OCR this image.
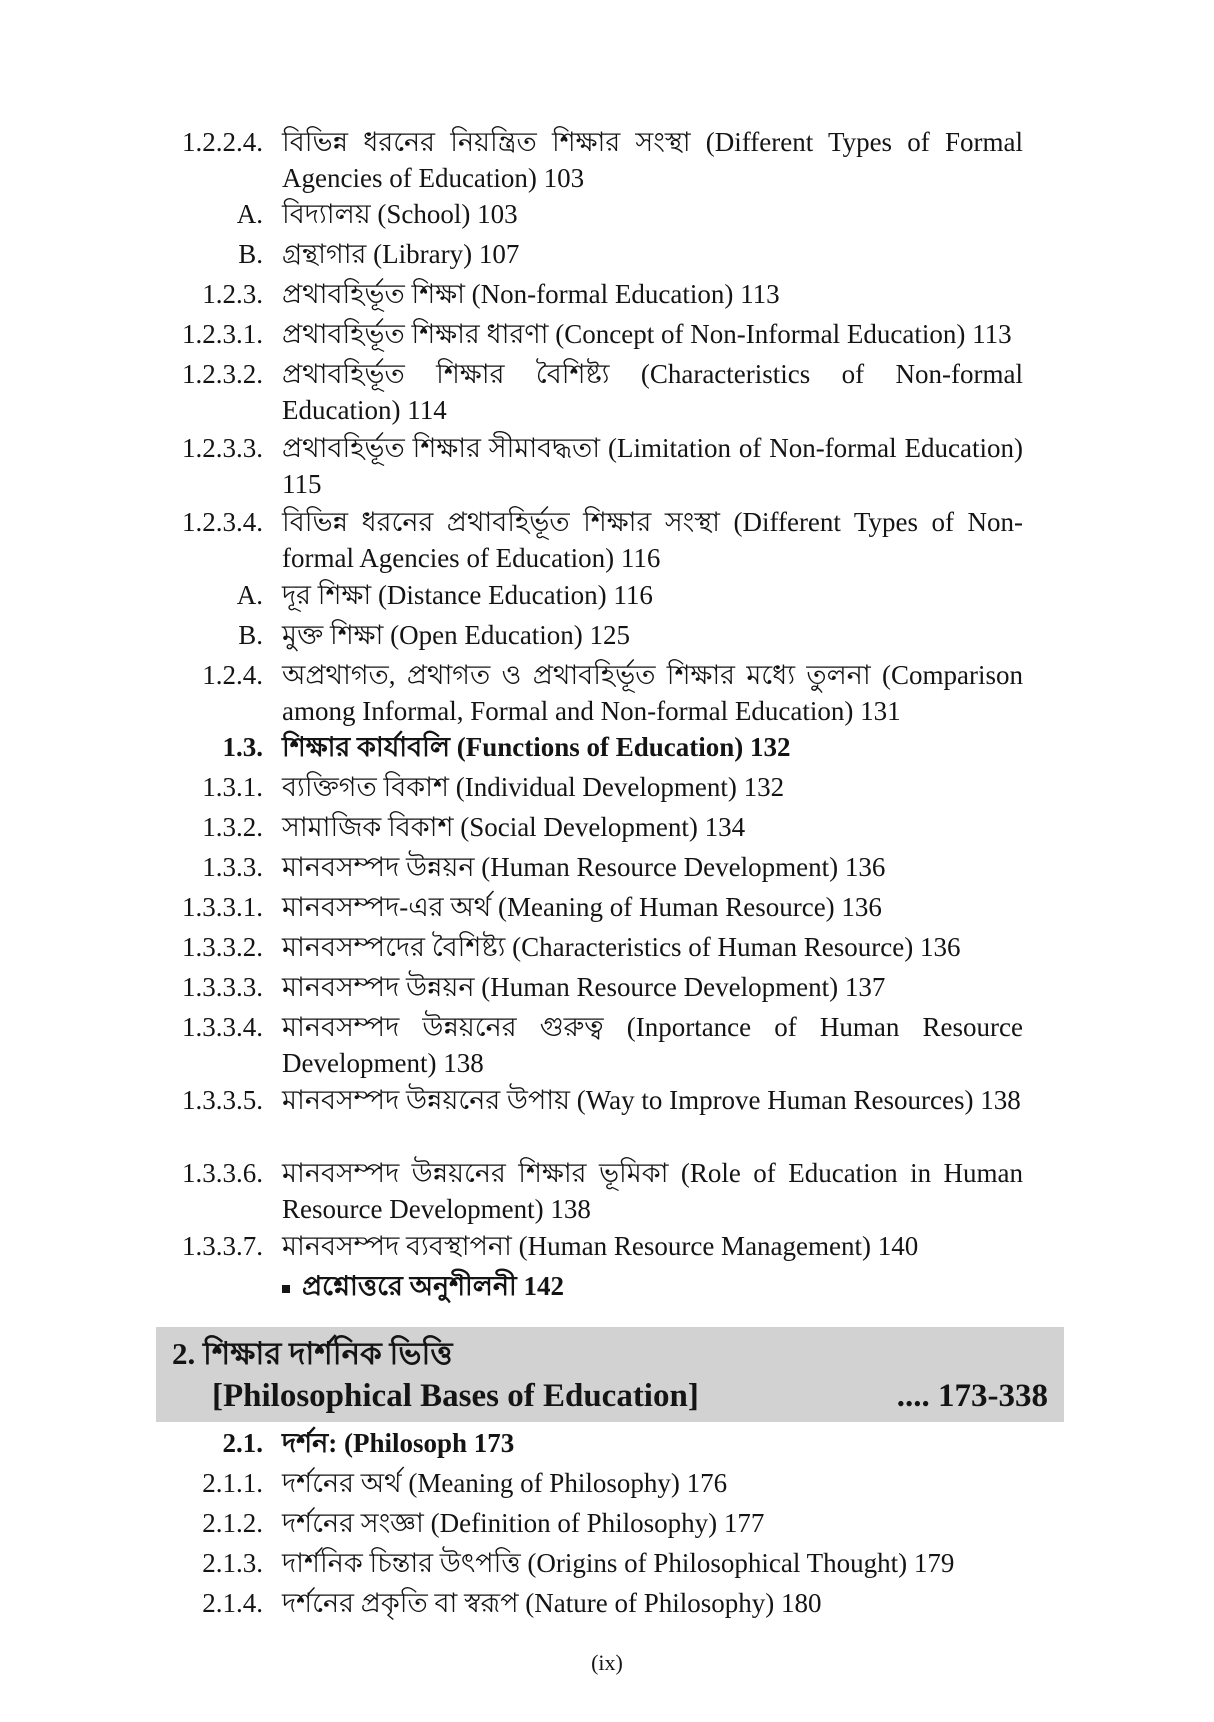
1.2.2.4. বিভিন্ন ধরনের নিয়ন্ত্রিত শিক্ষার সংস্থা (Different Types of Formal Agencies of Education) 103

A. বিদ্যালয় (School) 103

B. গ্রন্থাগার (Library) 107

1.2.3. প্রথাবহির্ভূত শিক্ষা (Non-formal Education) 113

1.2.3.1. প্রথাবহির্ভূত শিক্ষার ধারণা (Concept of Non-Informal Education) 113

1.2.3.2. প্রথাবহির্ভূত শিক্ষার বৈশিষ্ট্য (Characteristics of Non-formal Education) 114

1.2.3.3. প্রথাবহির্ভূত শিক্ষার সীমাবদ্ধতা (Limitation of Non-formal Education) 115

1.2.3.4. বিভিন্ন ধরনের প্রথাবহির্ভূত শিক্ষার সংস্থা (Different Types of Non-formal Agencies of Education) 116

A. দূর শিক্ষা (Distance Education) 116

B. মুক্ত শিক্ষা (Open Education) 125

1.2.4. অপ্রথাগত, প্রথাগত ও প্রথাবহির্ভূত শিক্ষার মধ্যে তুলনা (Comparison among Informal, Formal and Non-formal Education) 131

1.3. শিক্ষার কার্যাবলি (Functions of Education) 132

1.3.1. ব্যক্তিগত বিকাশ (Individual Development) 132

1.3.2. সামাজিক বিকাশ (Social Development) 134

1.3.3. মানবসম্পদ উন্নয়ন (Human Resource Development) 136

1.3.3.1. মানবসম্পদ-এর অর্থ (Meaning of Human Resource) 136

1.3.3.2. মানবসম্পদের বৈশিষ্ট্য (Characteristics of Human Resource) 136

1.3.3.3. মানবসম্পদ উন্নয়ন (Human Resource Development) 137

1.3.3.4. মানবসম্পদ উন্নয়নের গুরুত্ব (Inportance of Human Resource Development) 138

1.3.3.5. মানবসম্পদ উন্নয়নের উপায় (Way to Improve Human Resources) 138

1.3.3.6. মানবসম্পদ উন্নয়নের শিক্ষার ভূমিকা (Role of Education in Human Resource Development) 138

1.3.3.7. মানবসম্পদ ব্যবস্থাপনা (Human Resource Management) 140

প্রশ্নোত্তরে অনুশীলনী 142
2. শিক্ষার দার্শনিক ভিত্তি
[Philosophical Bases of Education]	.... 173-338
2.1. দর্শন: (Philosoph 173

2.1.1. দর্শনের অর্থ (Meaning of Philosophy) 176

2.1.2. দর্শনের সংজ্ঞা (Definition of Philosophy) 177

2.1.3. দার্শনিক চিন্তার উৎপত্তি (Origins of Philosophical Thought) 179

2.1.4. দর্শনের প্রকৃতি বা স্বরূপ (Nature of Philosophy) 180

(ix)
